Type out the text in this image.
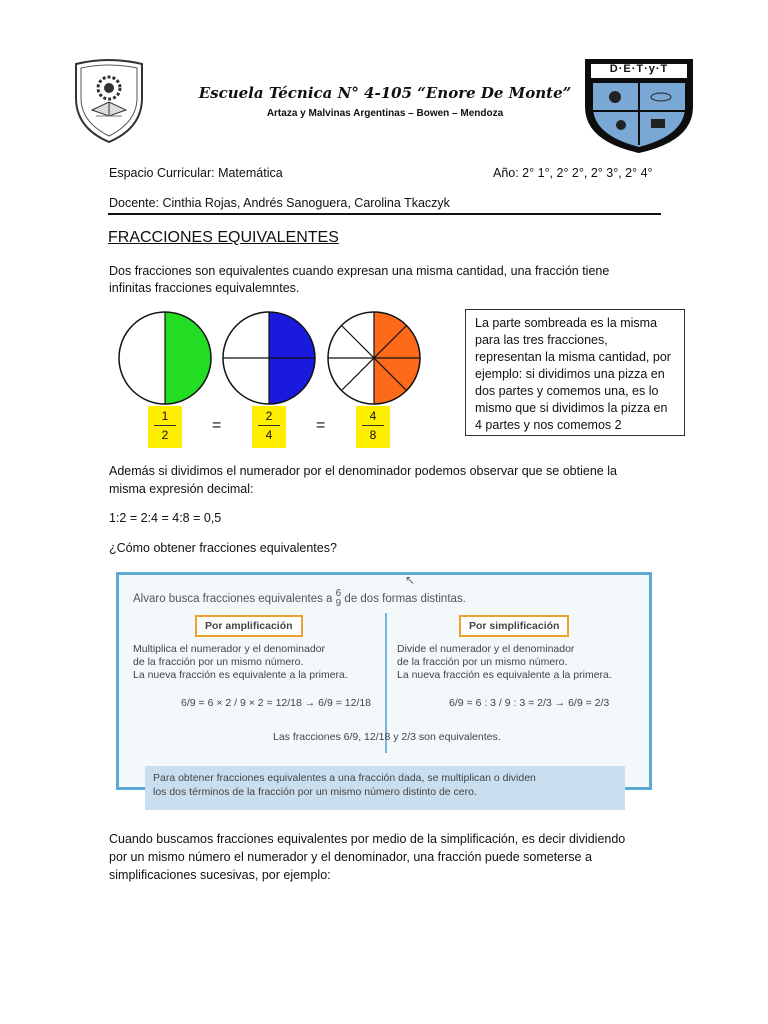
Escuela Técnica N° 4-105 “Enore De Monte”
Artaza y Malvinas Argentinas – Bowen – Mendoza
D·E·T·y·T
Espacio Curricular: Matemática	Año: 2° 1°, 2° 2°, 2° 3°, 2° 4°
Docente: Cinthia Rojas, Andrés Sanoguera, Carolina Tkaczyk
FRACCIONES EQUIVALENTES
Dos fracciones son equivalentes cuando expresan una misma cantidad, una fracción tiene
infinitas fracciones equivalemntes.
1
2
=
2
4
=
4
8
La parte sombreada es la misma
para las tres fracciones,
representan la misma cantidad, por
ejemplo: si dividimos una pizza en
dos partes y comemos una, es lo
mismo que si dividimos la pizza en
4 partes y nos comemos 2
Además si dividimos el numerador por el denominador podemos observar que se obtiene la
misma expresión decimal:
1:2 = 2:4 = 4:8 = 0,5
¿Cómo obtener fracciones equivalentes?
Alvaro busca fracciones equivalentes a 6
9 de dos formas distintas.
↖
Por amplificación	Por simplificación
Multiplica el numerador y el denominador
de la fracción por un mismo número.
La nueva fracción es equivalente a la primera.
Divide el numerador y el denominador
de la fracción por un mismo número.
La nueva fracción es equivalente a la primera.
6/9 = 6 × 2 / 9 × 2 = 12/18 → 6/9 = 12/18	6/9 = 6 : 3 / 9 : 3 = 2/3 → 6/9 = 2/3
Las fracciones 6/9, 12/18 y 2/3 son equivalentes.
Para obtener fracciones equivalentes a una fracción dada, se multiplican o dividen
los dos términos de la fracción por un mismo número distinto de cero.
Cuando buscamos fracciones equivalentes por medio de la simplificación, es decir dividiendo
por un mismo número el numerador y el denominador, una fracción puede someterse a
simplificaciones sucesivas, por ejemplo:
